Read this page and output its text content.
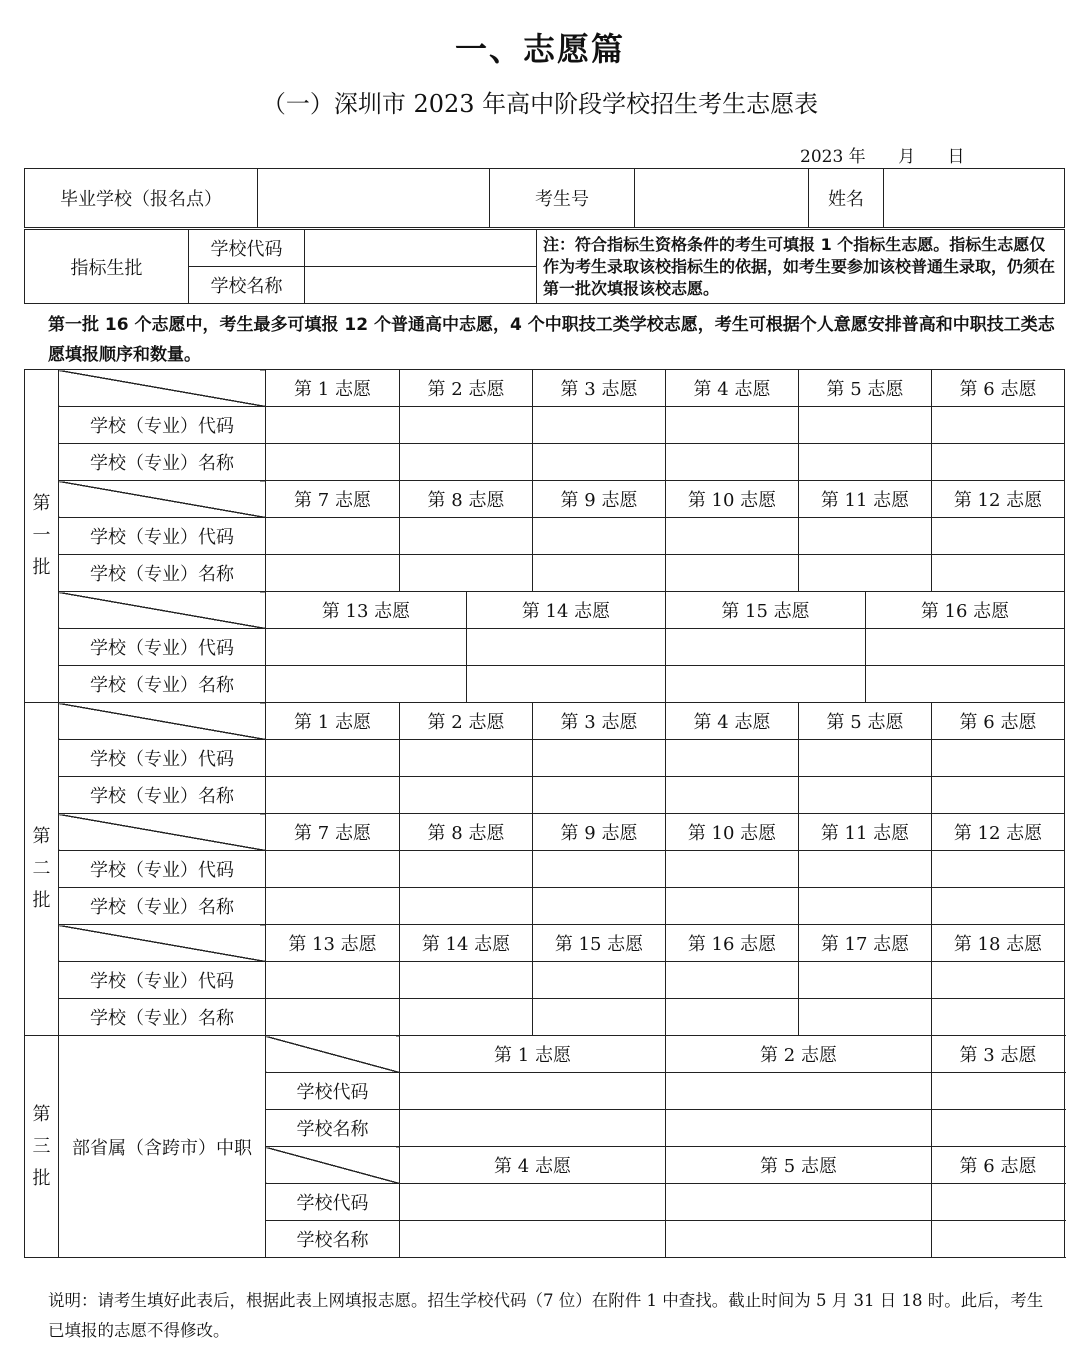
一、志愿篇
（一）深圳市 2023 年高中阶段学校招生考生志愿表
2023 年      月      日
毕业学校（报名点）		考生号		姓名	
指标生批	学校代码		注：符合指标生资格条件的考生可填报 1 个指标生志愿。指标生志愿仅作为考生录取该校指标生的依据，如考生要参加该校普通生录取，仍须在第一批次填报该校志愿。
	学校名称		
第一批 16 个志愿中，考生最多可填报 12 个普通高中志愿，4 个中职技工类学校志愿，考生可根据个人意愿安排普高和中职技工类志愿填报顺序和数量。
第
一
批		第 1 志愿	第 2 志愿		第 3 志愿	第 4 志愿	第 5 志愿		第 6 志愿
	学校（专业）代码								
	学校（专业）名称								
		第 7 志愿	第 8 志愿		第 9 志愿	第 10 志愿	第 11 志愿		第 12 志愿
	学校（专业）代码								
	学校（专业）名称								
		第 13 志愿		第 14 志愿		第 15 志愿		第 16 志愿	
	学校（专业）代码								
	学校（专业）名称								
第
二
批		第 1 志愿	第 2 志愿		第 3 志愿	第 4 志愿	第 5 志愿		第 6 志愿
	学校（专业）代码								
	学校（专业）名称								
		第 7 志愿	第 8 志愿		第 9 志愿	第 10 志愿	第 11 志愿		第 12 志愿
	学校（专业）代码								
	学校（专业）名称								
		第 13 志愿	第 14 志愿		第 15 志愿	第 16 志愿	第 17 志愿		第 18 志愿
	学校（专业）代码								
	学校（专业）名称								
第
三
批	部省属（含跨市）中职		第 1 志愿			第 2 志愿			第 3 志愿
		学校代码							
		学校名称							
			第 4 志愿			第 5 志愿			第 6 志愿
		学校代码							
		学校名称							
说明：请考生填好此表后，根据此表上网填报志愿。招生学校代码（7 位）在附件 1 中查找。截止时间为 5 月 31 日 18 时。此后，考生已填报的志愿不得修改。
